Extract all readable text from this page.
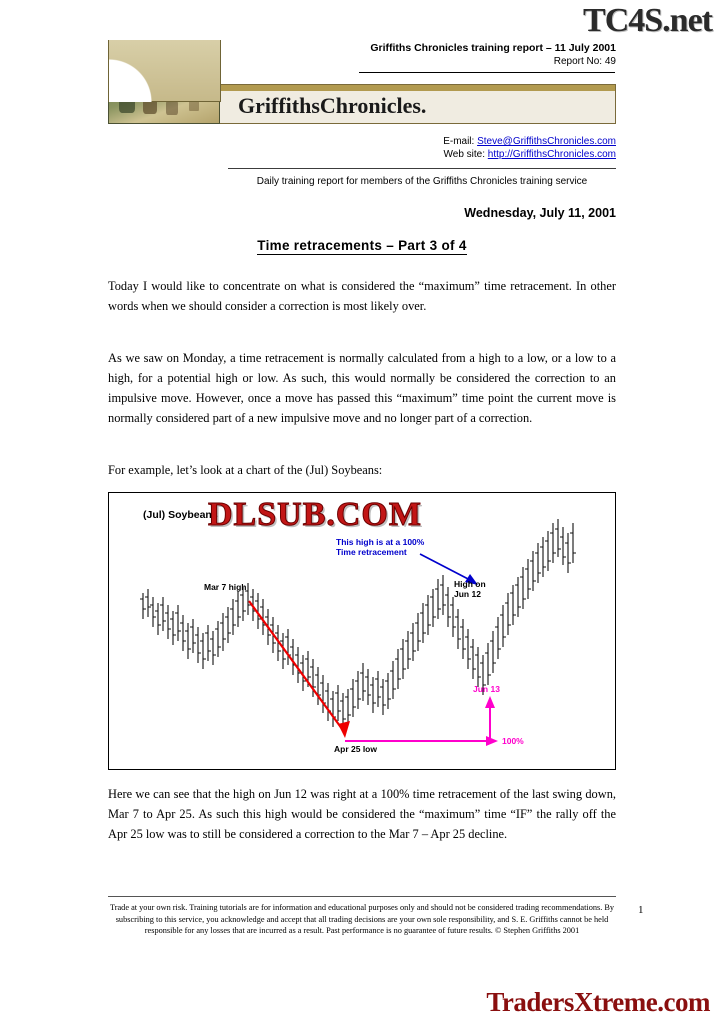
TC4S.net
TradersXtreme.com
Griffiths Chronicles training report – 11 July 2001
Report No: 49
GriffithsChronicles.
E-mail: Steve@GriffithsChronicles.com
Web site: http://GriffithsChronicles.com
Daily training report for members of the Griffiths Chronicles training service
Wednesday, July 11, 2001
Time retracements – Part 3 of 4
Today I would like to concentrate on what is considered the “maximum” time retracement. In other words when we should consider a correction is most likely over.
As we saw on Monday, a time retracement is normally calculated from a high to a low, or a low to a high, for a potential high or low. As such, this would normally be considered the correction to an impulsive move. However, once a move has passed this “maximum” time point the current move is normally considered part of a new impulsive move and no longer part of a correction.
For example, let’s look at a chart of the (Jul) Soybeans:
(Jul) Soybeans
This high is at a 100%
Time retracement
Mar 7 high	High on
Jun 12
Apr 25 low
Jun 13
100%
DLSUB.COM
Here we can see that the high on Jun 12 was right at a 100% time retracement of the last swing down, Mar 7 to Apr 25. As such this high would be considered the “maximum” time “IF” the rally off the Apr 25 low was to still be considered a correction to the Mar 7 – Apr 25 decline.
Trade at your own risk. Training tutorials are for information and educational purposes only and should not be considered trading recommendations. By subscribing to this service, you acknowledge and accept that all trading decisions are your own sole responsibility, and S. E. Griffiths cannot be held responsible for any losses that are incurred as a result. Past performance is no guarantee of future results. © Stephen Griffiths 2001
1
